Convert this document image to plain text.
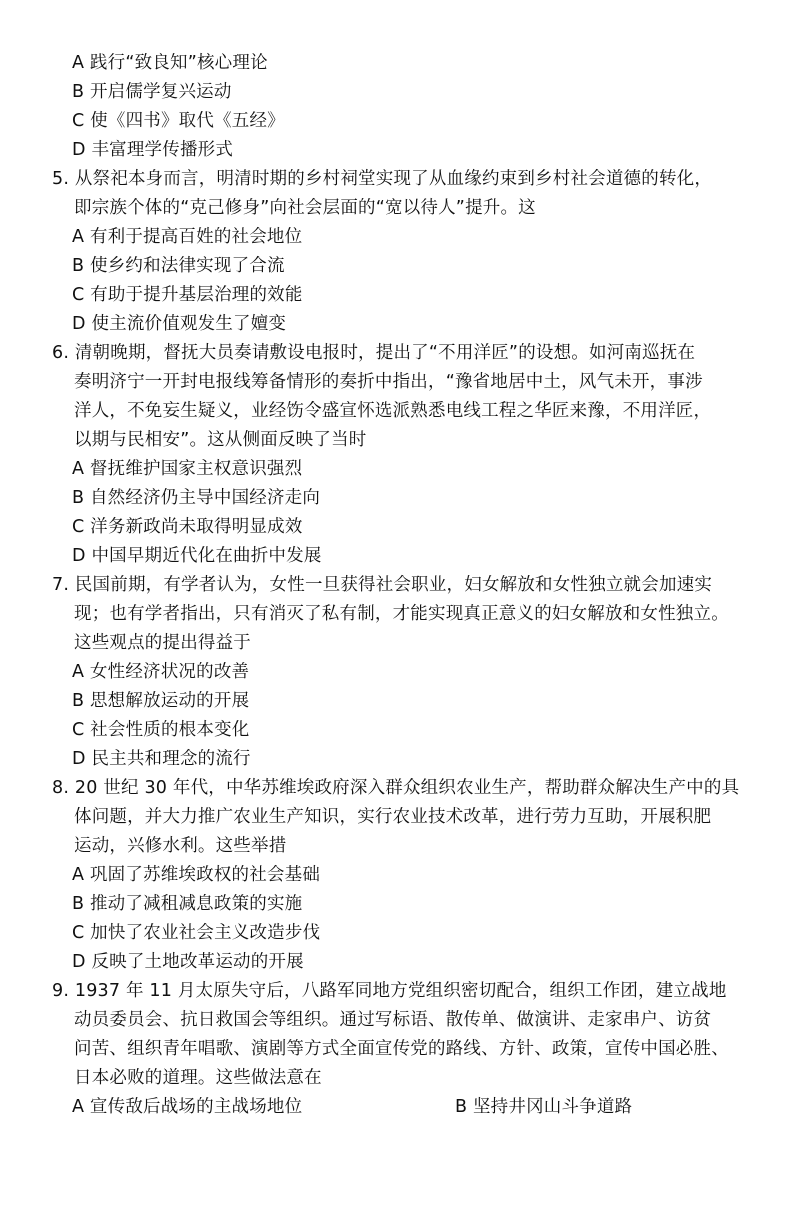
A 践行“致良知”核心理论
B 开启儒学复兴运动
C 使《四书》取代《五经》
D 丰富理学传播形式
5. 从祭祀本身而言，明清时期的乡村祠堂实现了从血缘约束到乡村社会道德的转化，
即宗族个体的“克己修身”向社会层面的“宽以待人”提升。这
A 有利于提高百姓的社会地位
B 使乡约和法律实现了合流
C 有助于提升基层治理的效能
D 使主流价值观发生了嬗变
6. 清朝晚期，督抚大员奏请敷设电报时，提出了“不用洋匠”的设想。如河南巡抚在
奏明济宁一开封电报线筹备情形的奏折中指出，“豫省地居中土，风气未开，事涉
洋人，不免妄生疑义，业经饬令盛宣怀选派熟悉电线工程之华匠来豫，不用洋匠，
以期与民相安”。这从侧面反映了当时
A 督抚维护国家主权意识强烈
B 自然经济仍主导中国经济走向
C 洋务新政尚未取得明显成效
D 中国早期近代化在曲折中发展
7. 民国前期，有学者认为，女性一旦获得社会职业，妇女解放和女性独立就会加速实
现；也有学者指出，只有消灭了私有制，才能实现真正意义的妇女解放和女性独立。
这些观点的提出得益于
A 女性经济状况的改善
B 思想解放运动的开展
C 社会性质的根本变化
D 民主共和理念的流行
8. 20 世纪 30 年代，中华苏维埃政府深入群众组织农业生产，帮助群众解决生产中的具
体问题，并大力推广农业生产知识，实行农业技术改革，进行劳力互助，开展积肥
运动，兴修水利。这些举措
A 巩固了苏维埃政权的社会基础
B 推动了减租减息政策的实施
C 加快了农业社会主义改造步伐
D 反映了土地改革运动的开展
9. 1937 年 11 月太原失守后，八路军同地方党组织密切配合，组织工作团，建立战地
动员委员会、抗日救国会等组织。通过写标语、散传单、做演讲、走家串户、访贫
问苦、组织青年唱歌、演剧等方式全面宣传党的路线、方针、政策，宣传中国必胜、
日本必败的道理。这些做法意在
A 宣传敌后战场的主战场地位	B 坚持井冈山斗争道路
